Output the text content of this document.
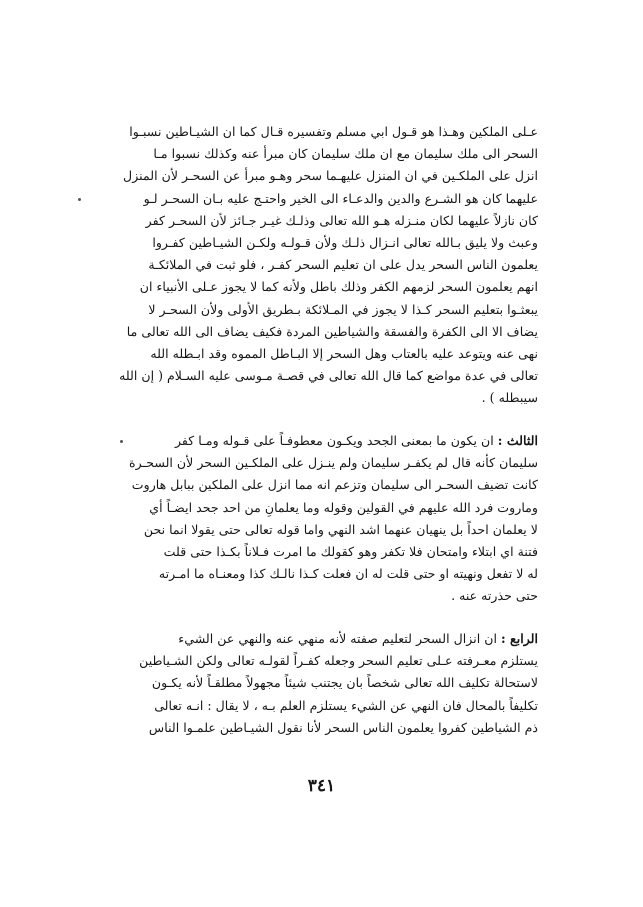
عـلى الملكين وهـذا هو قـول ابي مسلم وتفسيره قـال كما ان الشيـاطين نسبـوا
السحر الى ملك سليمان مع ان ملك سليمان كان مبرأ عنه وكذلك نسبوا مـا
انزل على الملكـين في ان المنزل عليهـما سحر وهـو مبرأ عن السحـر لأن المنزل
عليهما كان هو الشـرع والدين والدعـاء الى الخير واحتـج عليه بـان السحـر لـو
كان نازلاً عليهما لكان منـزله هـو الله تعالى وذلـك غيـر جـائز لأن السحـر كفر
وعبث ولا يليق بـالله تعالى انـزال ذلـك ولأن قـولـه ولكـن الشيـاطين كفـروا
يعلمون الناس السحر يدل على ان تعليم السحر كفـر ، فلو ثبت في الملائكـة
انهم يعلمون السحر لزمهم الكفر وذلك باطل ولأنه كما لا يجوز عـلى الأنبياء ان
يبعثـوا بتعليم السحر كـذا لا يجوز في المـلائكة بـطريق الأولى ولأن السحـر لا
يضاف الا الى الكفرة والفسقة والشياطين المردة فكيف يضاف الى الله تعالى ما
نهى عنه ويتوعد عليه بالعتاب وهل السحر إلا البـاطل المموه وقد ابـطله الله
تعالى في عدة مواضع كما قال الله تعالى في قصـة مـوسى عليه السـلام ( إن الله
سيبطله ) .
الثالث : ان يكون ما بمعنى الجحد ويكـون معطوفـاً على قـوله ومـا كفر
سليمان كأنه قال لم يكفـر سليمان ولم ينـزل على الملكـين السحر لأن السحـرة
كانت تضيف السحـر الى سليمان وتزعم انه مما انزل على الملكين ببابل هاروت
وماروت فرد الله عليهم في القولين وقوله وما يعلمانِ من احد جحد ايضـاً أي
لا يعلمان احداً بل ينهيان عنهما اشد النهي واما قوله تعالى حتى يقولا انما نحن
فتنة اي ابتلاء وامتحان فلا تكفر وهو كقولك ما امرت فـلاناً بكـذا حتى قلت
له لا تفعل ونهيته او حتى قلت له ان فعلت كـذا نالـك كذا ومعنـاه ما امـرته
حتى حذرته عنه .
الرابع : ان انزال السحر لتعليم صفته لأنه منهي عنه والنهي عن الشيء
يستلزم معـرفته عـلى تعليم السحر وجعله كفـراً لقولـه تعالى ولكن الشـياطين
لاستحالة تكليف الله تعالى شخصاً بان يجتنب شيئاً مجهولاً مطلقـاً لأنه يكـون
تكليفاً بالمحال فان النهي عن الشيء يستلزم العلم بـه ، لا يقال : انـه تعالى
ذم الشياطين كفروا يعلمون الناس السحر لأنا نقول الشيـاطين علمـوا الناس

٣٤١
